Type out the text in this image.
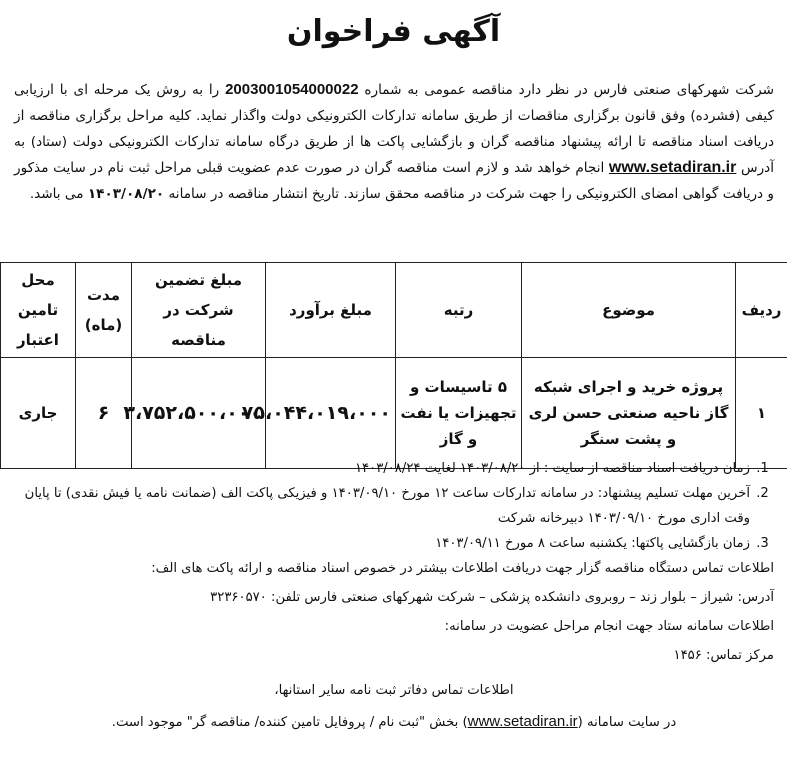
آگهی فراخوان
شرکت شهرکهای صنعتی فارس در نظر دارد مناقصه عمومی به شماره 2003001054000022 را به روش یک مرحله ای با ارزیابی کیفی (فشرده) وفق قانون برگزاری مناقصات از طریق سامانه تدارکات الکترونیکی دولت واگذار نماید. کلیه مراحل برگزاری مناقصه از دریافت اسناد مناقصه تا ارائه پیشنهاد مناقصه گران و بازگشایی پاکت ها از طریق درگاه سامانه تدارکات الکترونیکی دولت (ستاد) به آدرس www.setadiran.ir انجام خواهد شد و لازم است مناقصه گران در صورت عدم عضویت قبلی مراحل ثبت نام در سایت مذکور و دریافت گواهی امضای الکترونیکی را جهت شرکت در مناقصه محقق سازند. تاریخ انتشار مناقصه در سامانه ۱۴۰۳/۰۸/۲۰ می باشد.
ردیف	موضوع	رتبه	مبلغ برآورد	مبلغ تضمین شرکت در مناقصه	مدت (ماه)	محل تامین اعتبار
۱	پروژه خرید و اجرای شبکه گاز ناحیه صنعتی حسن لری و پشت سنگر	۵ تاسیسات و تجهیزات یا نفت و گاز	۷۵،۰۴۴،۰۱۹،۰۰۰	۳،۷۵۲،۵۰۰،۰۰۰	۶	جاری
1. زمان دریافت اسناد مناقصه از سایت : از ۱۴۰۳/۰۸/۲۰ لغایت ۱۴۰۳/۰۸/۲۴
2. آخرین مهلت تسلیم پیشنهاد: در سامانه تدارکات ساعت ۱۲ مورخ ۱۴۰۳/۰۹/۱۰ و فیزیکی پاکت الف (ضمانت نامه یا فیش نقدی) تا پایان وقت اداری مورخ ۱۴۰۳/۰۹/۱۰ دبیرخانه شرکت
3. زمان بازگشایی پاکتها: یکشنبه ساعت ۸ مورخ ۱۴۰۳/۰۹/۱۱

اطلاعات تماس دستگاه مناقصه گزار جهت دریافت اطلاعات بیشتر در خصوص اسناد مناقصه و ارائه پاکت های الف:

آدرس: شیراز – بلوار زند – روبروی دانشکده پزشکی – شرکت شهرکهای صنعتی فارس تلفن: ۳۲۳۶۰۵۷۰

اطلاعات سامانه ستاد جهت انجام مراحل عضویت در سامانه:

مرکز تماس: ۱۴۵۶

اطلاعات تماس دفاتر ثبت نامه سایر استانها،

در سایت سامانه (www.setadiran.ir) بخش "ثبت نام / پروفایل تامین کننده/ مناقصه گر" موجود است.
